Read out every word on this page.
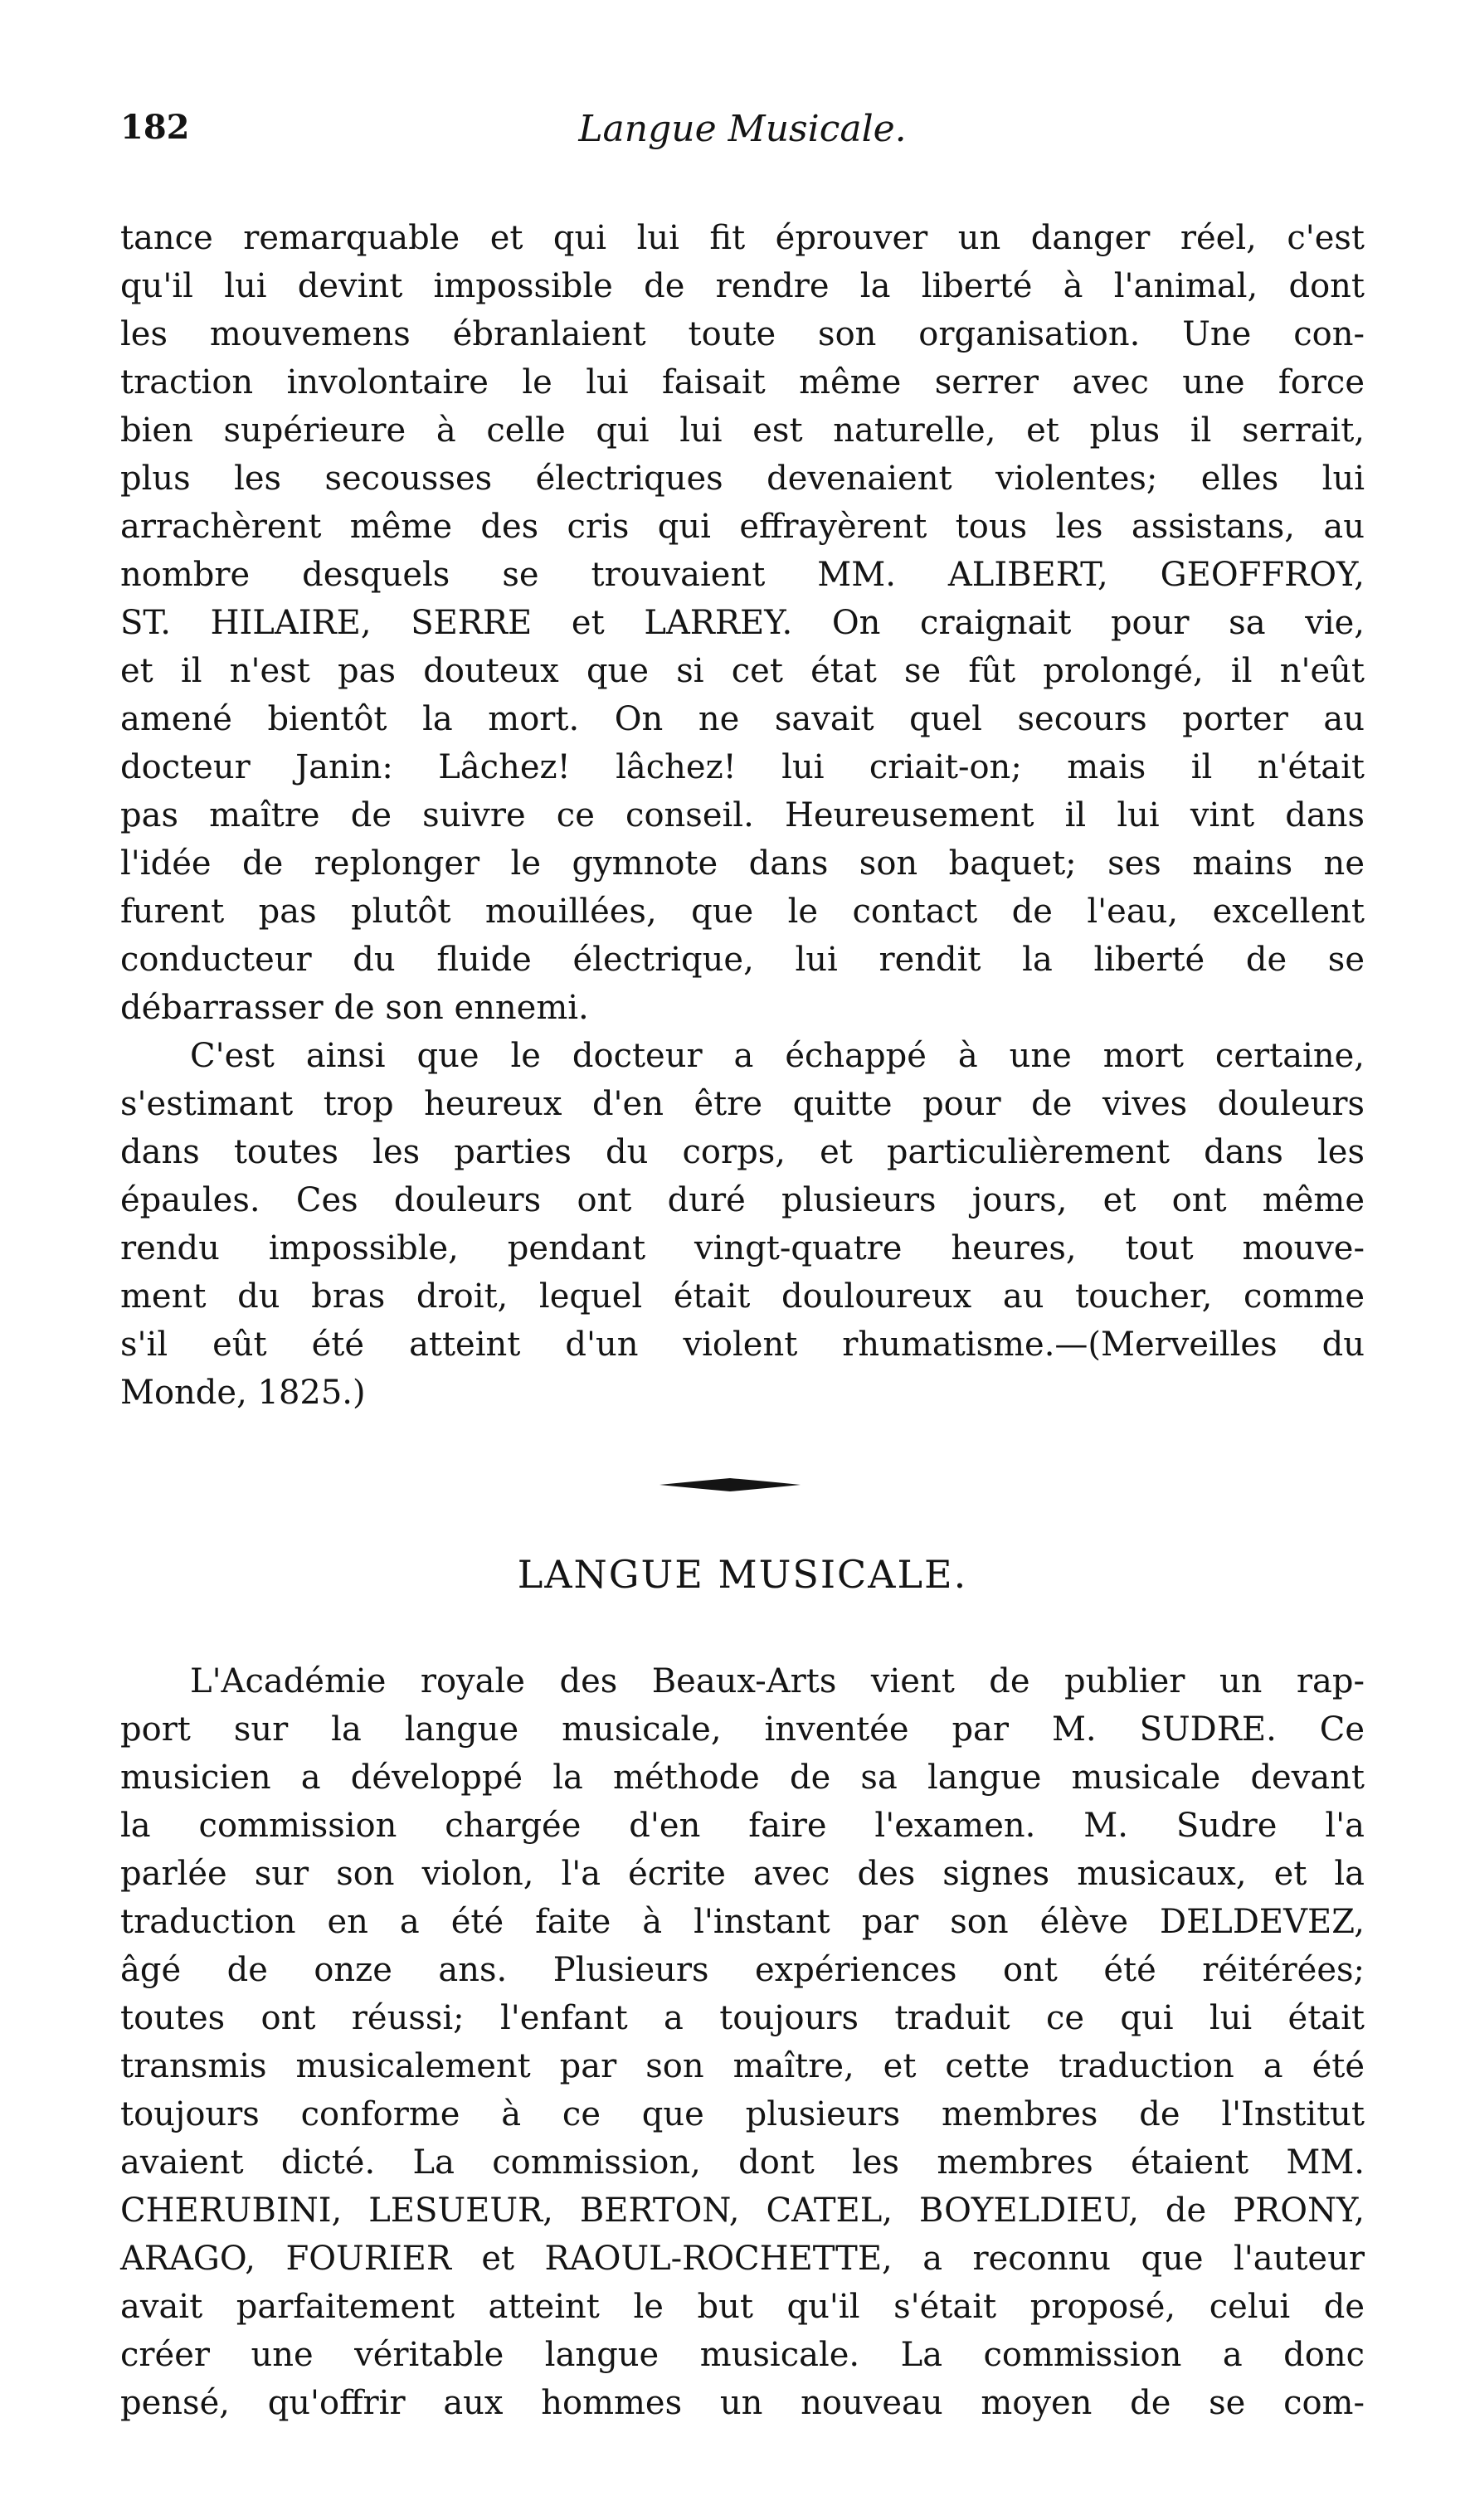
182	Langue Musicale.
tance remarquable et qui lui fit éprouver un danger réel, c'est
qu'il lui devint impossible de rendre la liberté à l'animal, dont
les mouvemens ébranlaient toute son organisation. Une con-
traction involontaire le lui faisait même serrer avec une force
bien supérieure à celle qui lui est naturelle, et plus il serrait,
plus les secousses électriques devenaient violentes; elles lui
arrachèrent même des cris qui effrayèrent tous les assistans, au
nombre desquels se trouvaient MM. ALIBERT, GEOFFROY,
ST. HILAIRE, SERRE et LARREY. On craignait pour sa vie,
et il n'est pas douteux que si cet état se fût prolongé, il n'eût
amené bientôt la mort. On ne savait quel secours porter au
docteur Janin: Lâchez! lâchez! lui criait-on; mais il n'était
pas maître de suivre ce conseil. Heureusement il lui vint dans
l'idée de replonger le gymnote dans son baquet; ses mains ne
furent pas plutôt mouillées, que le contact de l'eau, excellent
conducteur du fluide électrique, lui rendit la liberté de se
débarrasser de son ennemi.
C'est ainsi que le docteur a échappé à une mort certaine,
s'estimant trop heureux d'en être quitte pour de vives douleurs
dans toutes les parties du corps, et particulièrement dans les
épaules. Ces douleurs ont duré plusieurs jours, et ont même
rendu impossible, pendant vingt-quatre heures, tout mouve-
ment du bras droit, lequel était douloureux au toucher, comme
s'il eût été atteint d'un violent rhumatisme.—(Merveilles du
Monde, 1825.)
LANGUE MUSICALE.
L'Académie royale des Beaux-Arts vient de publier un rap-
port sur la langue musicale, inventée par M. SUDRE. Ce
musicien a développé la méthode de sa langue musicale devant
la commission chargée d'en faire l'examen. M. Sudre l'a
parlée sur son violon, l'a écrite avec des signes musicaux, et la
traduction en a été faite à l'instant par son élève DELDEVEZ,
âgé de onze ans. Plusieurs expériences ont été réitérées;
toutes ont réussi; l'enfant a toujours traduit ce qui lui était
transmis musicalement par son maître, et cette traduction a été
toujours conforme à ce que plusieurs membres de l'Institut
avaient dicté. La commission, dont les membres étaient MM.
CHERUBINI, LESUEUR, BERTON, CATEL, BOYELDIEU, de PRONY,
ARAGO, FOURIER et RAOUL-ROCHETTE, a reconnu que l'auteur
avait parfaitement atteint le but qu'il s'était proposé, celui de
créer une véritable langue musicale. La commission a donc
pensé, qu'offrir aux hommes un nouveau moyen de se com-
